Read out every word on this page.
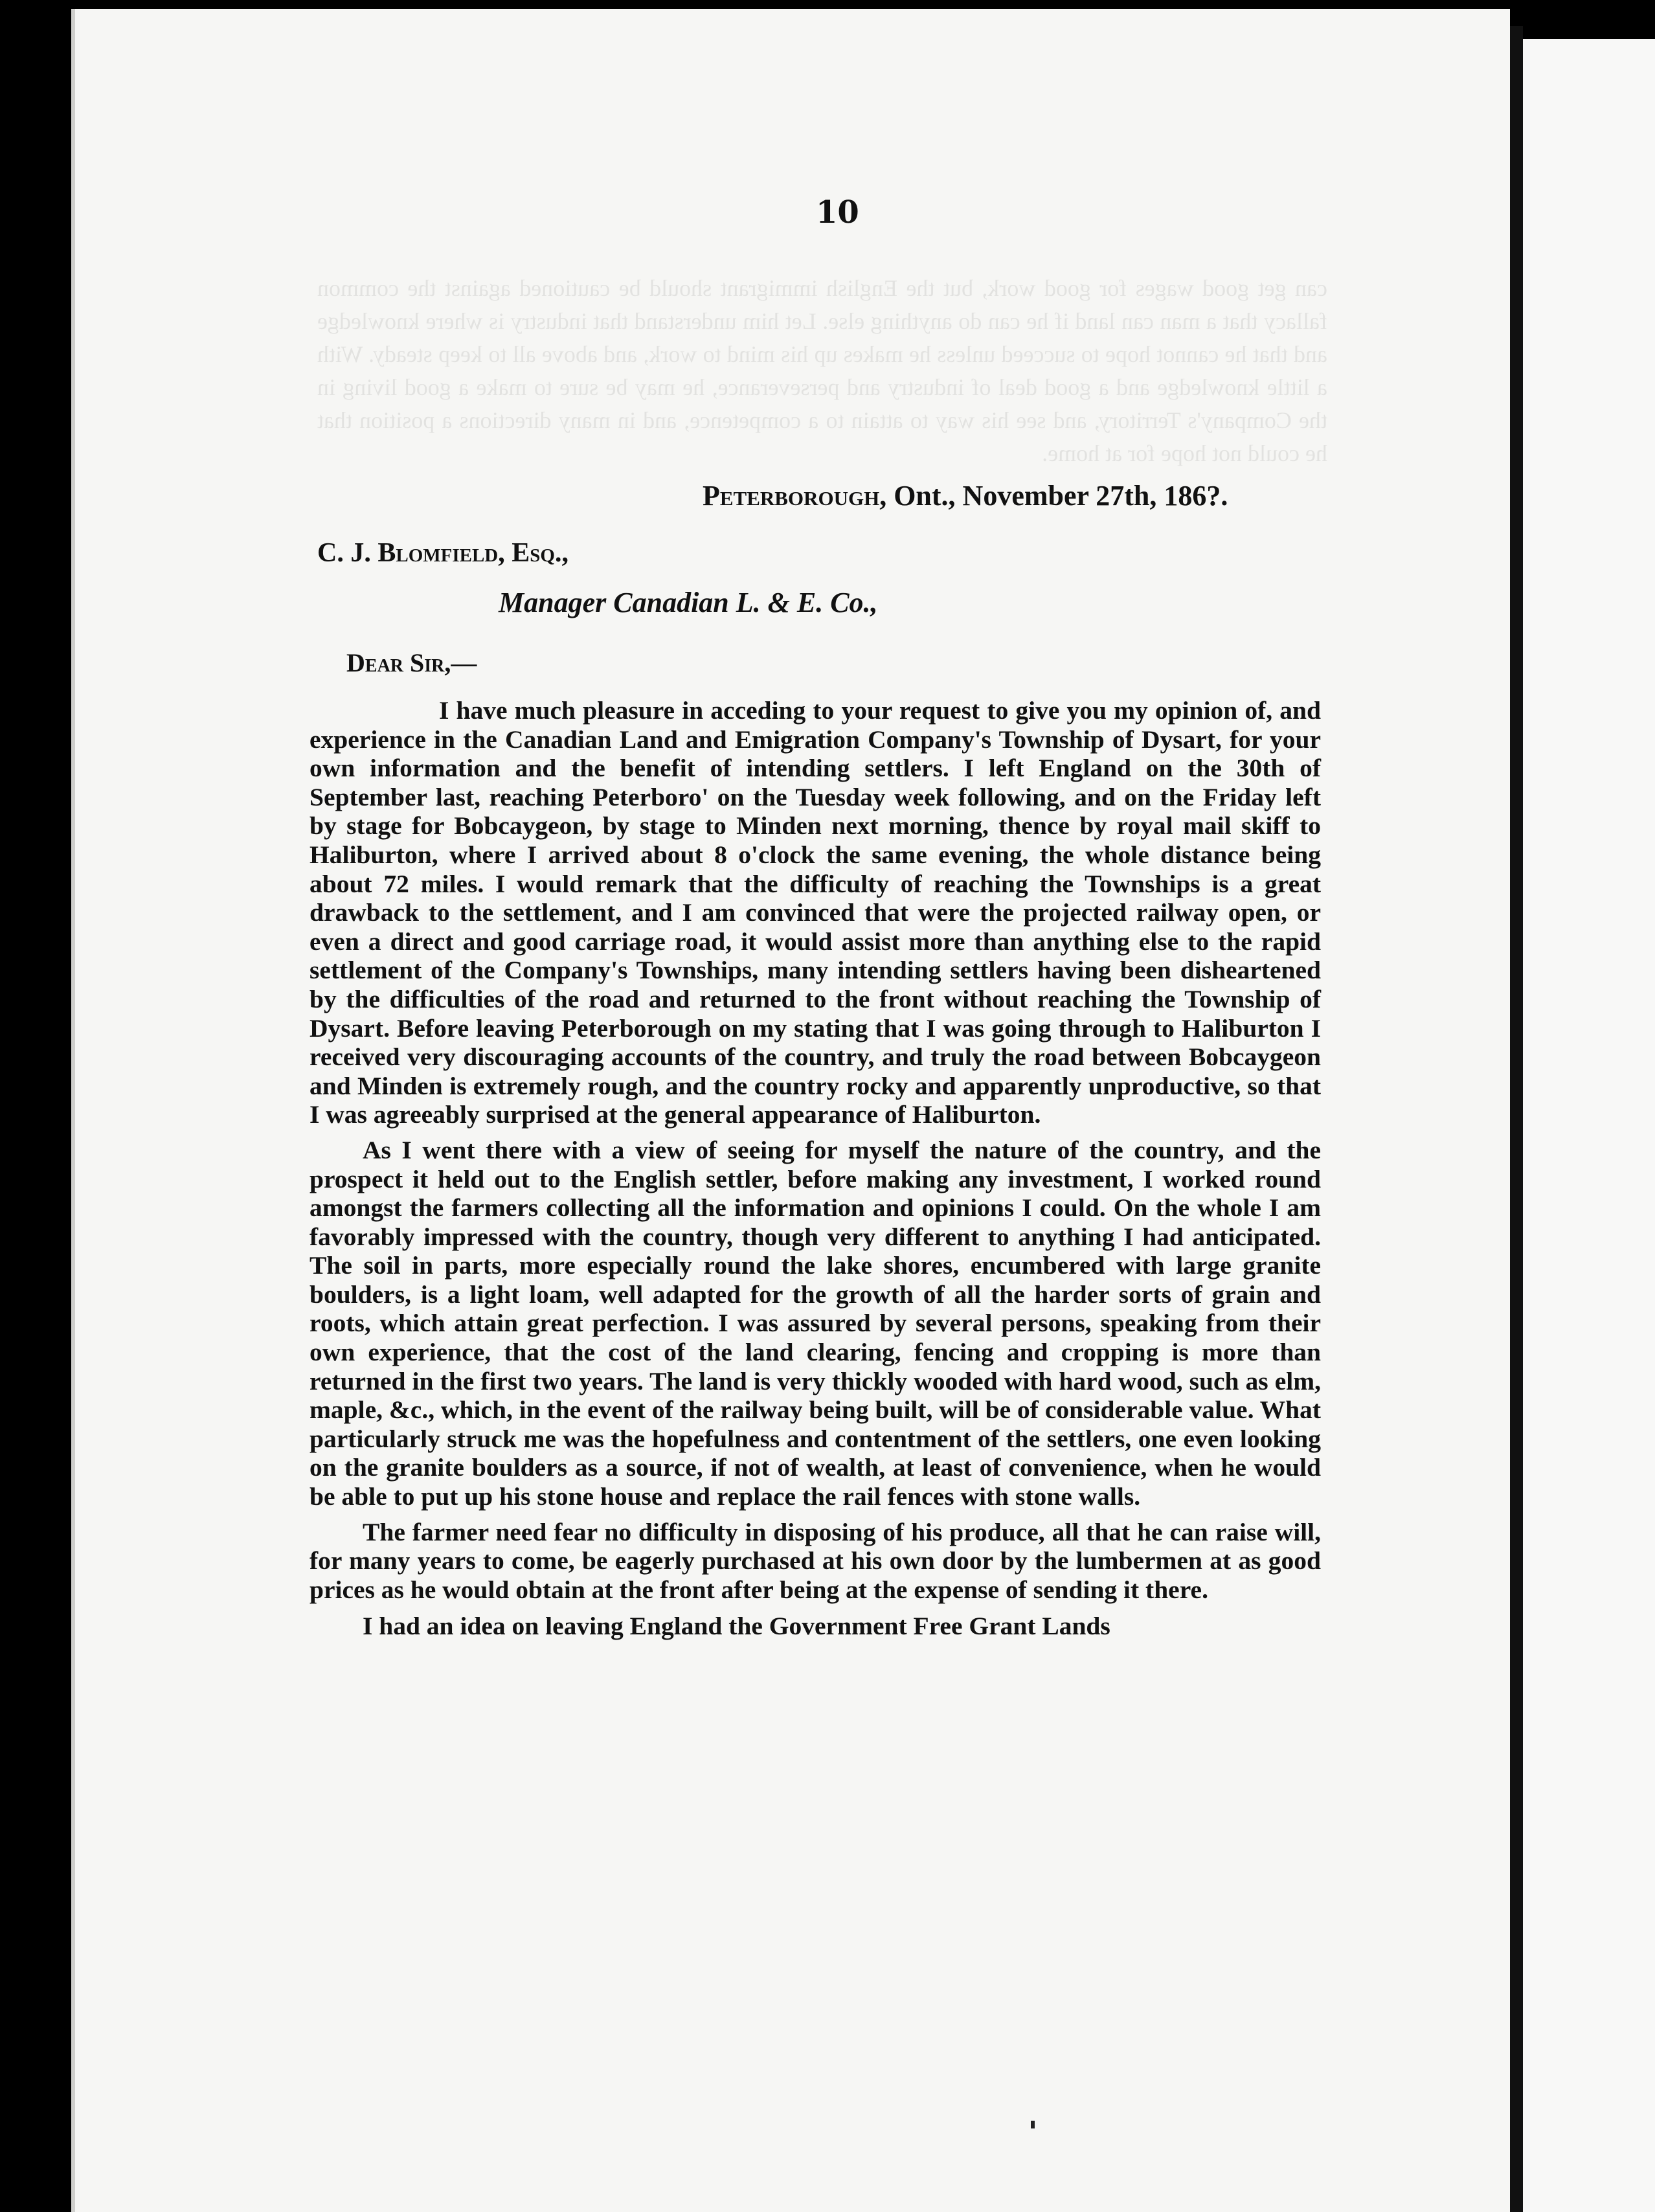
can get good wages for good work, but the English immigrant should be cautioned against the common fallacy that a man can land if he can do anything else. Let him understand that industry is where knowledge and that he cannot hope to succeed unless he makes up his mind to work, and above all to keep steady. With a little knowledge and a good deal of industry and perseverance, he may be sure to make a good living in the Company's Territory, and see his way to attain to a competence, and in many directions a position that he could not hope for at home.
10
Peterborough, Ont., November 27th, 186?.
C. J. Blomfield, Esq.,
Manager Canadian L. & E. Co.,
Dear Sir,—

I have much pleasure in acceding to your request to give you my opinion of, and experience in the Canadian Land and Emigration Company's Township of Dysart, for your own information and the benefit of intending settlers. I left England on the 30th of September last, reaching Peterboro' on the Tuesday week following, and on the Friday left by stage for Bobcaygeon, by stage to Minden next morning, thence by royal mail skiff to Haliburton, where I arrived about 8 o'clock the same evening, the whole distance being about 72 miles. I would remark that the difficulty of reaching the Townships is a great drawback to the settlement, and I am convinced that were the projected railway open, or even a direct and good carriage road, it would assist more than anything else to the rapid settlement of the Company's Townships, many intending settlers having been disheartened by the difficulties of the road and returned to the front without reaching the Township of Dysart. Before leaving Peterborough on my stating that I was going through to Haliburton I received very discouraging accounts of the country, and truly the road between Bobcaygeon and Minden is extremely rough, and the country rocky and apparently unproductive, so that I was agreeably surprised at the general appearance of Haliburton.

As I went there with a view of seeing for myself the nature of the country, and the prospect it held out to the English settler, before making any investment, I worked round amongst the farmers collecting all the information and opinions I could. On the whole I am favorably impressed with the country, though very different to anything I had anticipated. The soil in parts, more especially round the lake shores, encumbered with large granite boulders, is a light loam, well adapted for the growth of all the harder sorts of grain and roots, which attain great perfection. I was assured by several persons, speaking from their own experience, that the cost of the land clearing, fencing and cropping is more than returned in the first two years. The land is very thickly wooded with hard wood, such as elm, maple, &c., which, in the event of the railway being built, will be of considerable value. What particularly struck me was the hopefulness and contentment of the settlers, one even looking on the granite boulders as a source, if not of wealth, at least of convenience, when he would be able to put up his stone house and replace the rail fences with stone walls.

The farmer need fear no difficulty in disposing of his produce, all that he can raise will, for many years to come, be eagerly purchased at his own door by the lumbermen at as good prices as he would obtain at the front after being at the expense of sending it there.

I had an idea on leaving England the Government Free Grant Lands
